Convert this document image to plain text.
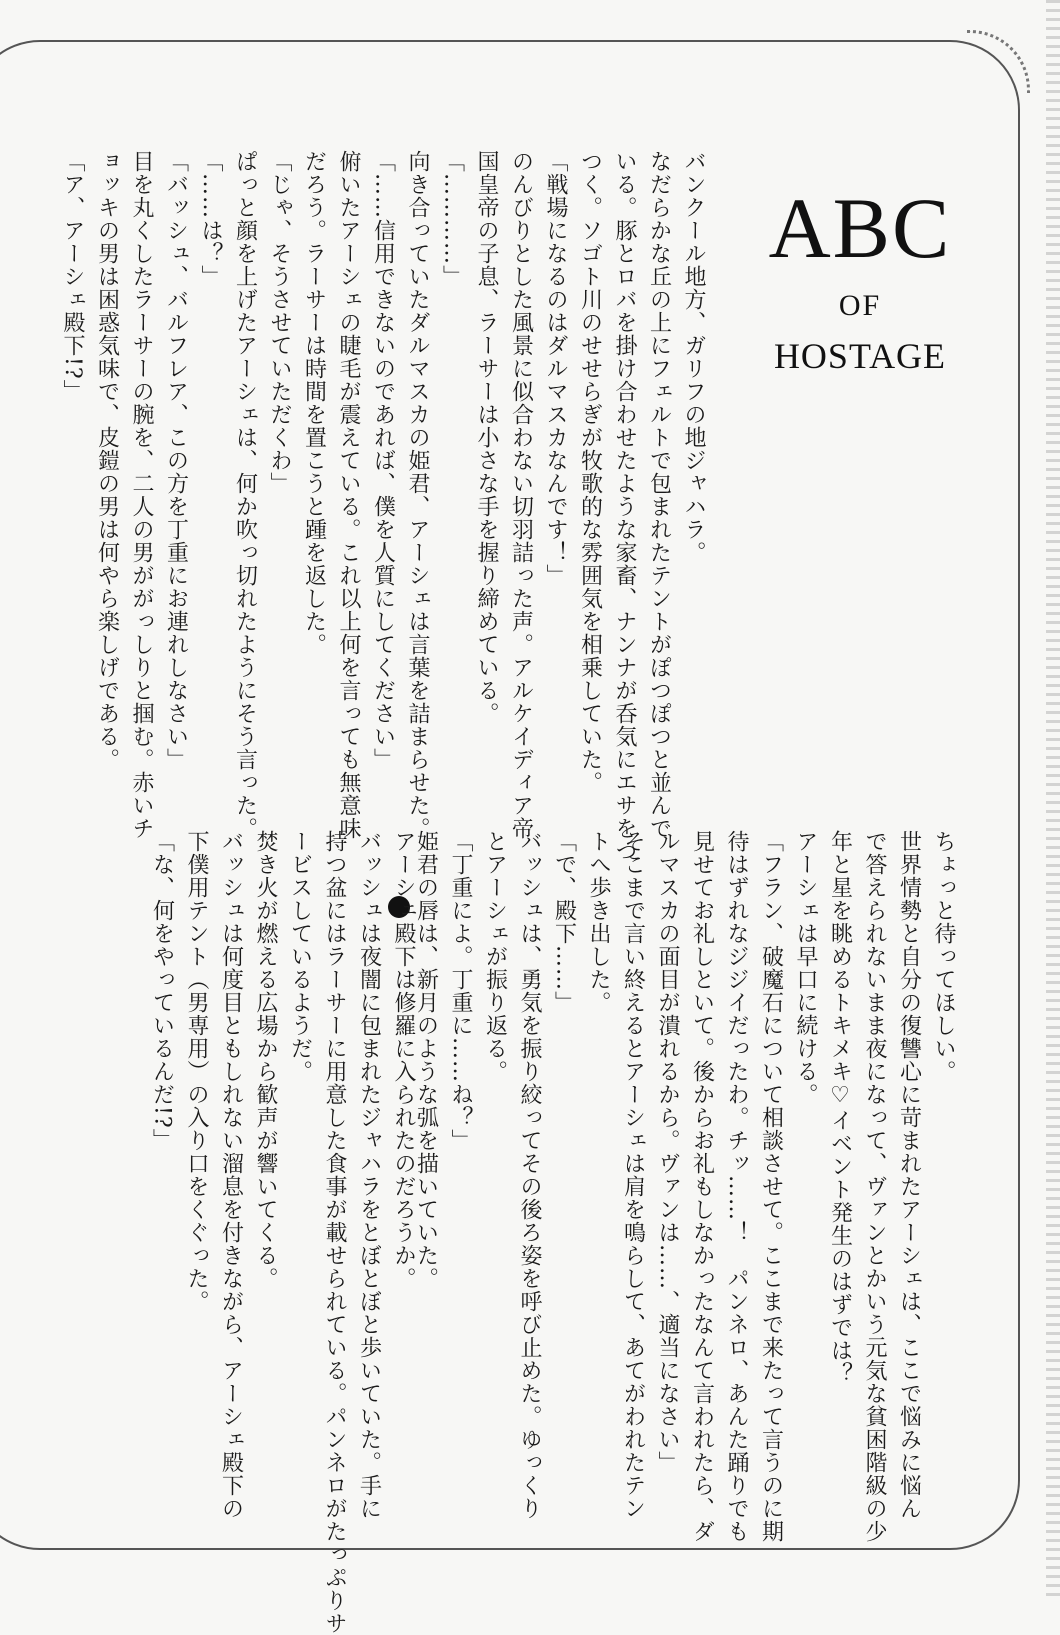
ABC
OF
HOSTAGE

バンクール地方、ガリフの地ジャハラ。

なだらかな丘の上にフェルトで包まれたテントがぽつぽつと並んで

いる。豚とロバを掛け合わせたような家畜、ナンナが呑気にエサをつ

つく。ソゴト川のせせらぎが牧歌的な雰囲気を相乗していた。

「戦場になるのはダルマスカなんです！」

のんびりとした風景に似合わない切羽詰った声。アルケイディア帝

国皇帝の子息、ラーサーは小さな手を握り締めている。

「…………」

向き合っていたダルマスカの姫君、アーシェは言葉を詰まらせた。

「……信用できないのであれば、僕を人質にしてください」

俯いたアーシェの睫毛が震えている。これ以上何を言っても無意味

だろう。ラーサーは時間を置こうと踵を返した。

「じゃ、そうさせていただくわ」

ぱっと顔を上げたアーシェは、何か吹っ切れたようにそう言った。

「……は？」

「バッシュ、バルフレア、この方を丁重にお連れしなさい」

目を丸くしたラーサーの腕を、二人の男ががっしりと掴む。赤いチ

ョッキの男は困惑気味で、皮鎧の男は何やら楽しげである。

「ア、アーシェ殿下!?」

ちょっと待ってほしい。

世界情勢と自分の復讐心に苛まれたアーシェは、ここで悩みに悩ん

で答えられないまま夜になって、ヴァンとかいう元気な貧困階級の少

年と星を眺めるトキメキ♡イベント発生のはずでは？

アーシェは早口に続ける。

「フラン、破魔石について相談させて。ここまで来たって言うのに期

待はずれなジジイだったわ。チッ……！　パンネロ、あんた踊りでも

見せてお礼しといて。後からお礼もしなかったなんて言われたら、ダ

ルマスカの面目が潰れるから。ヴァンは……、適当になさい」

そこまで言い終えるとアーシェは肩を鳴らして、あてがわれたテン

トへ歩き出した。

「で、殿下……」

バッシュは、勇気を振り絞ってその後ろ姿を呼び止めた。ゆっくり

とアーシェが振り返る。

「丁重によ。丁重に……ね？」

姫君の唇は、新月のような弧を描いていた。

アーシェ殿下は修羅に入られたのだろうか。

バッシュは夜闇に包まれたジャハラをとぼとぼと歩いていた。手に

持つ盆にはラーサーに用意した食事が載せられている。パンネロがたっぷりサ

ービスしているようだ。

焚き火が燃える広場から歓声が響いてくる。

バッシュは何度目ともしれない溜息を付きながら、アーシェ殿下の

下僕用テント（男専用）の入り口をくぐった。

「な、何をやっているんだ!?」
